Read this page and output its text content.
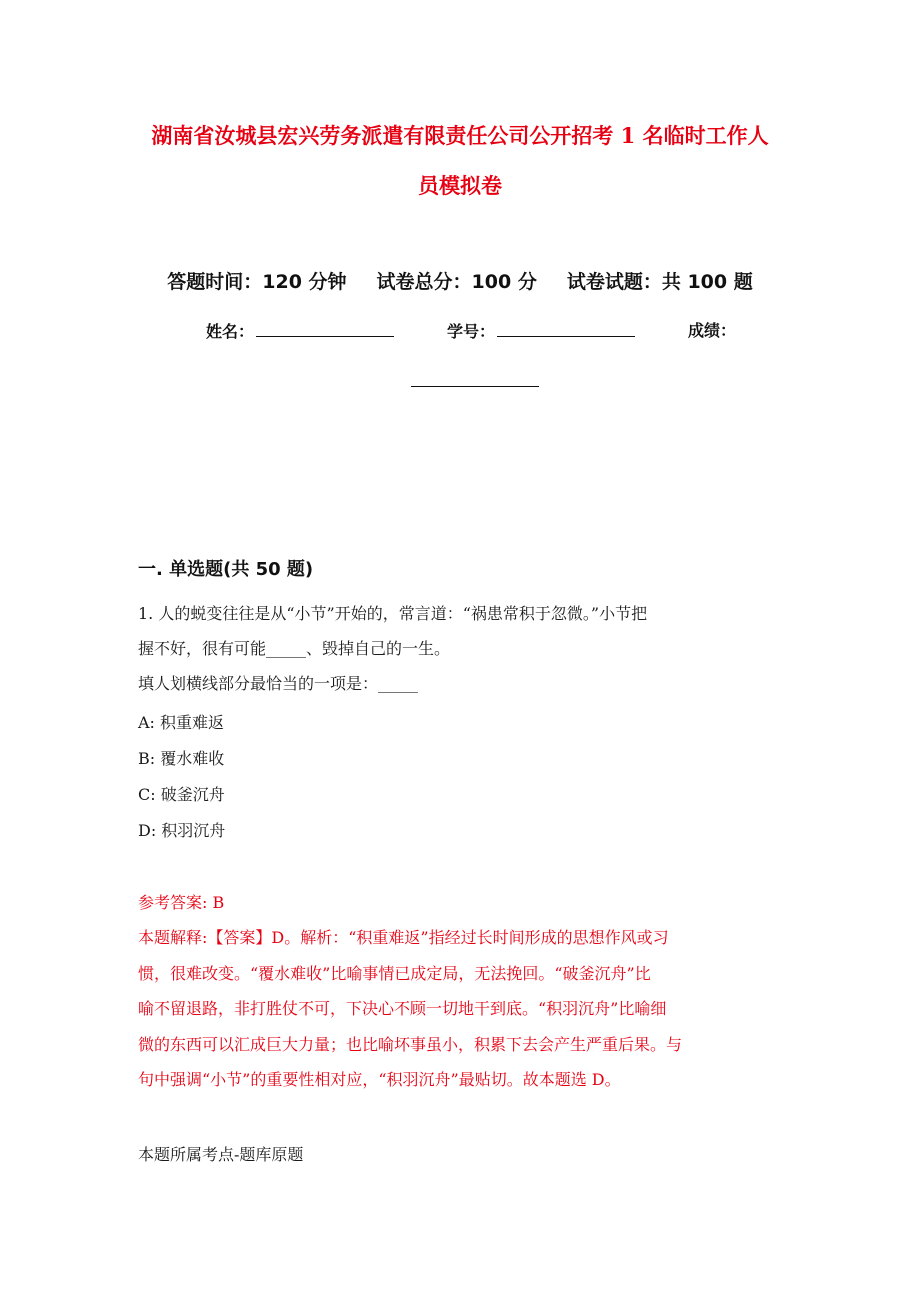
湖南省汝城县宏兴劳务派遣有限责任公司公开招考 1 名临时工作人
员模拟卷
答题时间：120 分钟 试卷总分：100 分 试卷试题：共 100 题
姓名：	学号：	成绩：
一. 单选题(共 50 题)
1. 人的蜕变往往是从“小节”开始的，常言道：“祸患常积于忽微。”小节把
握不好，很有可能_____、毁掉自己的一生。
填人划横线部分最恰当的一项是：_____
A: 积重难返
B: 覆水难收
C: 破釜沉舟
D: 积羽沉舟
参考答案: B
本题解释:【答案】D。解析：“积重难返”指经过长时间形成的思想作风或习
惯，很难改变。“覆水难收”比喻事情已成定局，无法挽回。“破釜沉舟”比
喻不留退路，非打胜仗不可，下决心不顾一切地干到底。“积羽沉舟”比喻细
微的东西可以汇成巨大力量；也比喻坏事虽小，积累下去会产生严重后果。与
句中强调“小节”的重要性相对应，“积羽沉舟”最贴切。故本题选 D。
本题所属考点-题库原题
